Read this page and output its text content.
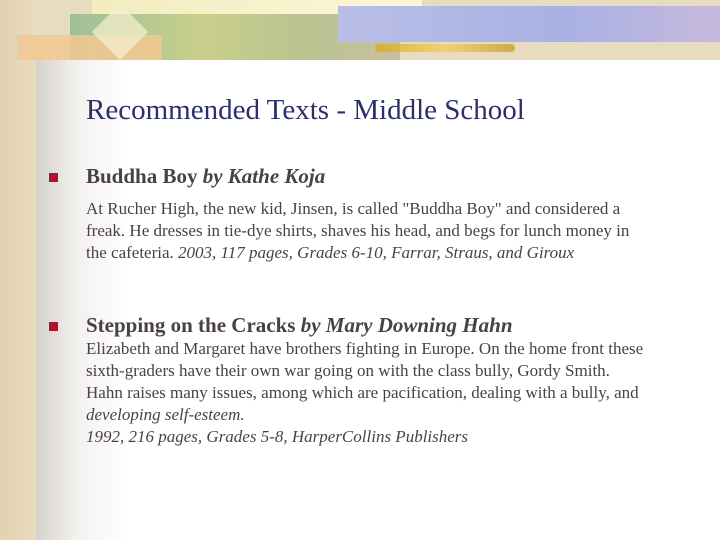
Recommended Texts - Middle School
Buddha Boy by Kathe Koja
At Rucher High, the new kid, Jinsen, is called "Buddha Boy" and considered a freak. He dresses in tie-dye shirts, shaves his head, and begs for lunch money in the cafeteria. 2003, 117 pages, Grades 6-10, Farrar, Straus, and Giroux
Stepping on the Cracks by Mary Downing Hahn
Elizabeth and Margaret have brothers fighting in Europe. On the home front these sixth-graders have their own war going on with the class bully, Gordy Smith. Hahn raises many issues, among which are pacification, dealing with a bully, and developing self-esteem.
1992, 216 pages, Grades 5-8, HarperCollins Publishers
